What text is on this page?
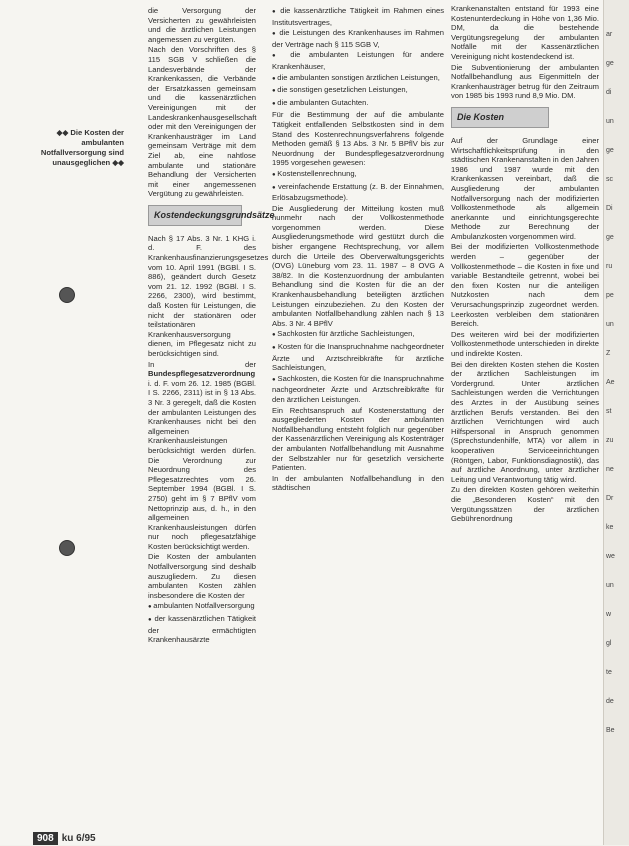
◆◆ Die Kosten der ambulanten Notfallversorgung sind unausgeglichen ◆◆

die Versorgung der Versicherten zu gewährleisten und die ärztlichen Leistungen angemessen zu vergüten.

Nach den Vorschriften des § 115 SGB V schließen die Landesverbände der Krankenkassen, die Verbände der Ersatzkassen gemeinsam und die kassenärztlichen Vereinigungen mit der Landeskrankenhausgesellschaft oder mit den Vereinigungen der Krankenhausträger im Land gemeinsam Verträge mit dem Ziel ab, eine nahtlose ambulante und stationäre Behandlung der Versicherten mit einer angemessenen Vergütung zu gewährleisten.

Kostendeckungsgrundsätze

Nach § 17 Abs. 3 Nr. 1 KHG i. d. F. des Krankenhausfinanzierungsgesetzes vom 10. April 1991 (BGBl. I S. 886), geändert durch Gesetz vom 21. 12. 1992 (BGBl. I S. 2266, 2300), wird bestimmt, daß Kosten für Leistungen, die nicht der stationären oder teilstationären Krankenhausversorgung dienen, im Pflegesatz nicht zu berücksichtigen sind.

In der Bundespflegesatzverordnung i. d. F. vom 26. 12. 1985 (BGBl. I S. 2266, 2311) ist in § 13 Abs. 3 Nr. 3 geregelt, daß die Kosten der ambulanten Leistungen des Krankenhauses nicht bei den allgemeinen Krankenhausleistungen berücksichtigt werden dürfen. Die Verordnung zur Neuordnung des Pflegesatzrechtes vom 26. September 1994 (BGBl. I S. 2750) geht im § 7 BPflV vom Nettoprinzip aus, d. h., in den allgemeinen Krankenhausleistungen dürfen nur noch pflegesatzfähige Kosten berücksichtigt werden.

Die Kosten der ambulanten Notfallversorgung sind deshalb auszugliedern. Zu diesen ambulanten Kosten zählen insbesondere die Kosten der

● ambulanten Notfallversorgung

● der kassenärztlichen Tätigkeit der ermächtigten Krankenhausärzte

● die kassenärztliche Tätigkeit im Rahmen eines Institutsvertrages,

● die Leistungen des Krankenhauses im Rahmen der Verträge nach § 115 SGB V,

● die ambulanten Leistungen für andere Krankenhäuser,

● die ambulanten sonstigen ärztlichen Leistungen,

● die sonstigen gesetzlichen Leistungen,

● die ambulanten Gutachten.

Für die Bestimmung der auf die ambulante Tätigkeit entfallenden Selbstkosten sind in dem Stand des Kostenrechnungsverfahrens folgende Methoden gemäß § 13 Abs. 3 Nr. 5 BPflV bis zur Neuordnung der Bundespflegesatzverordnung 1995 vorgesehen gewesen:

● Kostenstellenrechnung,

● vereinfachende Erstattung (z. B. der Einnahmen, Erlösabzugsmethode).

Die Ausgliederung der Mitteilung kosten muß nunmehr nach der Vollkostenmethode vorgenommen werden. Diese Ausgliederungsmethode wird gestützt durch die bisher ergangene Rechtsprechung, vor allem durch die Urteile des Oberverwaltungsgerichts (OVG) Lüneburg vom 23. 11. 1987 – 8 OVG A 38/82. In die Kostenzuordnung der ambulanten Behandlung sind die Kosten für die an der Krankenhausbehandlung beteiligten ärztlichen Leistungen einzubeziehen. Zu den Kosten der ambulanten Notfallbehandlung zählen nach § 13 Abs. 3 Nr. 4 BPflV

● Sachkosten für ärztliche Sachleistungen,

● Kosten für die Inanspruchnahme nachgeordneter Ärzte und Arztschreibkräfte für ärztliche Sachleistungen,

● Sachkosten, die Kosten für die Inanspruchnahme nachgeordneter Ärzte und Arztschreibkräfte für den ärztlichen Leistungen.

Ein Rechtsanspruch auf Kostenerstattung der ausgegliederten Kosten der ambulanten Notfallbehandlung entsteht folglich nur gegenüber der Kassenärztlichen Vereinigung als Kostenträger der ambulanten Notfallbehandlung mit Ausnahme der Selbstzahler nur für gesetzlich versicherte Patienten.

In der ambulanten Notfallbehandlung in den städtischen

Krankenanstalten entstand für 1993 eine Kostenunterdeckung in Höhe von 1,36 Mio. DM, da die bestehende Vergütungsregelung der ambulanten Notfälle mit der Kassenärztlichen Vereinigung nicht kostendeckend ist.

Die Subventionierung der ambulanten Notfallbehandlung aus Eigenmitteln der Krankenhausträger betrug für den Zeitraum von 1985 bis 1993 rund 8,9 Mio. DM.

Die Kosten

Auf der Grundlage einer Wirtschaftlichkeitsprüfung in den städtischen Krankenanstalten in den Jahren 1986 und 1987 wurde mit den Krankenkassen vereinbart, daß die Ausgliederung der ambulanten Notfallversorgung nach der modifizierten Vollkostenmethode als allgemein anerkannte und einrichtungsgerechte Methode zur Berechnung der Ambulanzkosten vorgenommen wird.

Bei der modifizierten Vollkostenmethode werden – gegenüber der Vollkostenmethode – die Kosten in fixe und variable Bestandteile getrennt, wobei bei den fixen Kosten nur die anteiligen Nutzkosten nach dem Verursachungsprinzip zugeordnet werden. Leerkosten verbleiben dem stationären Bereich.

Des weiteren wird bei der modifizierten Vollkostenmethode unterschieden in direkte und indirekte Kosten.

Bei den direkten Kosten stehen die Kosten der ärztlichen Sachleistungen im Vordergrund. Unter ärztlichen Sachleistungen werden die Verrichtungen des Arztes in der Ausübung seines ärztlichen Berufs verstanden. Bei den ärztlichen Verrichtungen wird auch Hilfspersonal in Anspruch genommen (Sprechstundenhilfe, MTA) vor allem in kooperativen Serviceeinrichtungen (Röntgen, Labor, Funktionsdiagnostik), das auf ärztliche Anordnung, unter ärztlicher Leitung und Verantwortung tätig wird.

Zu den direkten Kosten gehören weiterhin die „Besonderen Kosten“ mit den Vergütungssätzen der ärztlichen Gebührenordnung

ar
ge
di
un
ge
sc
Di
ge
ru
pe
un
Z
Ae
st
zu
ne
Dr
ke
we
un
w
gl
te
de
Be
908 ku 6/95
